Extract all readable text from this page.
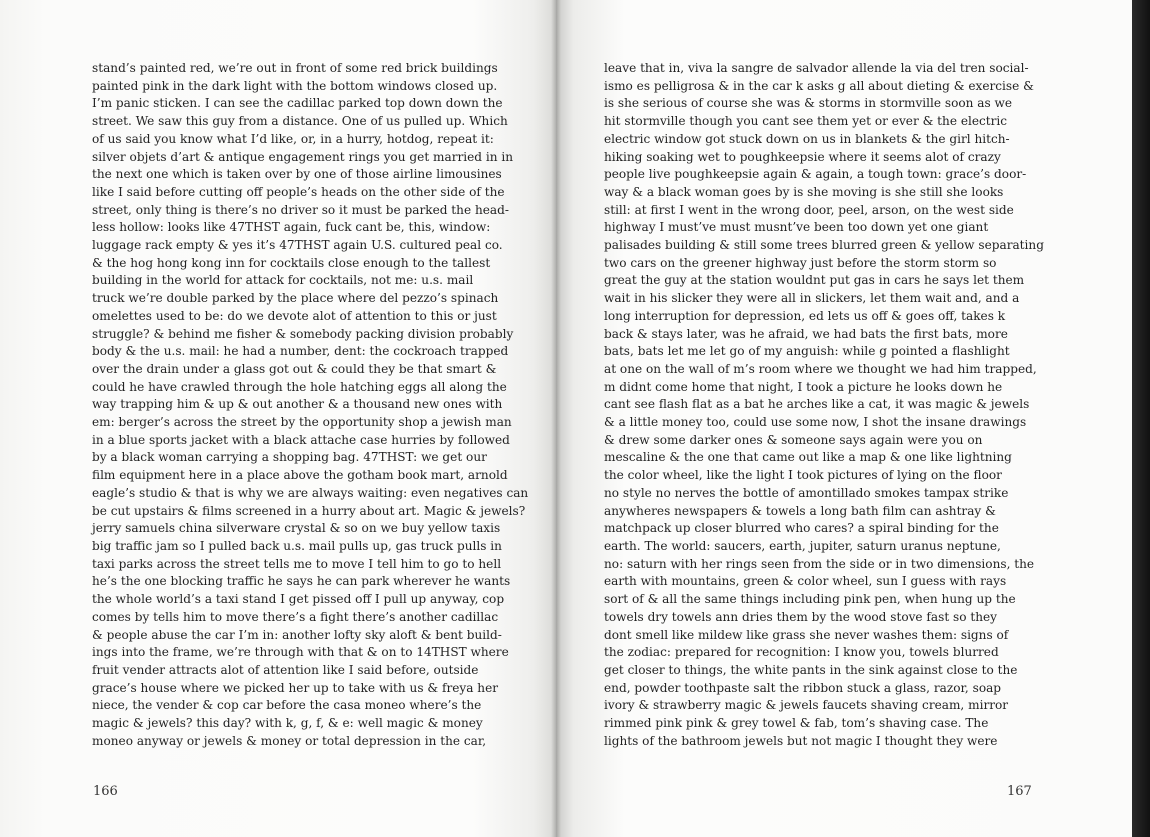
stand’s painted red, we’re out in front of some red brick buildings
painted pink in the dark light with the bottom windows closed up.
I’m panic sticken. I can see the cadillac parked top down down the
street. We saw this guy from a distance. One of us pulled up. Which
of us said you know what I’d like, or, in a hurry, hotdog, repeat it:
silver objets d’art & antique engagement rings you get married in in
the next one which is taken over by one of those airline limousines
like I said before cutting off people’s heads on the other side of the
street, only thing is there’s no driver so it must be parked the head-
less hollow: looks like 47THST again, fuck cant be, this, window:
luggage rack empty & yes it’s 47THST again U.S. cultured peal co.
& the hog hong kong inn for cocktails close enough to the tallest
building in the world for attack for cocktails, not me: u.s. mail
truck we’re double parked by the place where del pezzo’s spinach
omelettes used to be: do we devote alot of attention to this or just
struggle? & behind me fisher & somebody packing division probably
body & the u.s. mail: he had a number, dent: the cockroach trapped
over the drain under a glass got out & could they be that smart &
could he have crawled through the hole hatching eggs all along the
way trapping him & up & out another & a thousand new ones with
em: berger’s across the street by the opportunity shop a jewish man
in a blue sports jacket with a black attache case hurries by followed
by a black woman carrying a shopping bag. 47THST: we get our
film equipment here in a place above the gotham book mart, arnold
eagle’s studio & that is why we are always waiting: even negatives can
be cut upstairs & films screened in a hurry about art. Magic & jewels?
jerry samuels china silverware crystal & so on we buy yellow taxis
big traffic jam so I pulled back u.s. mail pulls up, gas truck pulls in
taxi parks across the street tells me to move I tell him to go to hell
he’s the one blocking traffic he says he can park wherever he wants
the whole world’s a taxi stand I get pissed off I pull up anyway, cop
comes by tells him to move there’s a fight there’s another cadillac
& people abuse the car I’m in: another lofty sky aloft & bent build-
ings into the frame, we’re through with that & on to 14THST where
fruit vender attracts alot of attention like I said before, outside
grace’s house where we picked her up to take with us & freya her
niece, the vender & cop car before the casa moneo where’s the
magic & jewels? this day? with k, g, f, & e: well magic & money
moneo anyway or jewels & money or total depression in the car,
166
leave that in, viva la sangre de salvador allende la via del tren social-
ismo es pelligrosa & in the car k asks g all about dieting & exercise &
is she serious of course she was & storms in stormville soon as we
hit stormville though you cant see them yet or ever & the electric
electric window got stuck down on us in blankets & the girl hitch-
hiking soaking wet to poughkeepsie where it seems alot of crazy
people live poughkeepsie again & again, a tough town: grace’s door-
way & a black woman goes by is she moving is she still she looks
still: at first I went in the wrong door, peel, arson, on the west side
highway I must’ve must musnt’ve been too down yet one giant
palisades building & still some trees blurred green & yellow separating
two cars on the greener highway just before the storm storm so
great the guy at the station wouldnt put gas in cars he says let them
wait in his slicker they were all in slickers, let them wait and, and a
long interruption for depression, ed lets us off & goes off, takes k
back & stays later, was he afraid, we had bats the first bats, more
bats, bats let me let go of my anguish: while g pointed a flashlight
at one on the wall of m’s room where we thought we had him trapped,
m didnt come home that night, I took a picture he looks down he
cant see flash flat as a bat he arches like a cat, it was magic & jewels
& a little money too, could use some now, I shot the insane drawings
& drew some darker ones & someone says again were you on
mescaline & the one that came out like a map & one like lightning
the color wheel, like the light I took pictures of lying on the floor
no style no nerves the bottle of amontillado smokes tampax strike
anywheres newspapers & towels a long bath film can ashtray &
matchpack up closer blurred who cares? a spiral binding for the
earth. The world: saucers, earth, jupiter, saturn uranus neptune,
no: saturn with her rings seen from the side or in two dimensions, the
earth with mountains, green & color wheel, sun I guess with rays
sort of & all the same things including pink pen, when hung up the
towels dry towels ann dries them by the wood stove fast so they
dont smell like mildew like grass she never washes them: signs of
the zodiac: prepared for recognition: I know you, towels blurred
get closer to things, the white pants in the sink against close to the
end, powder toothpaste salt the ribbon stuck a glass, razor, soap
ivory & strawberry magic & jewels faucets shaving cream, mirror
rimmed pink pink & grey towel & fab, tom’s shaving case. The
lights of the bathroom jewels but not magic I thought they were
167
